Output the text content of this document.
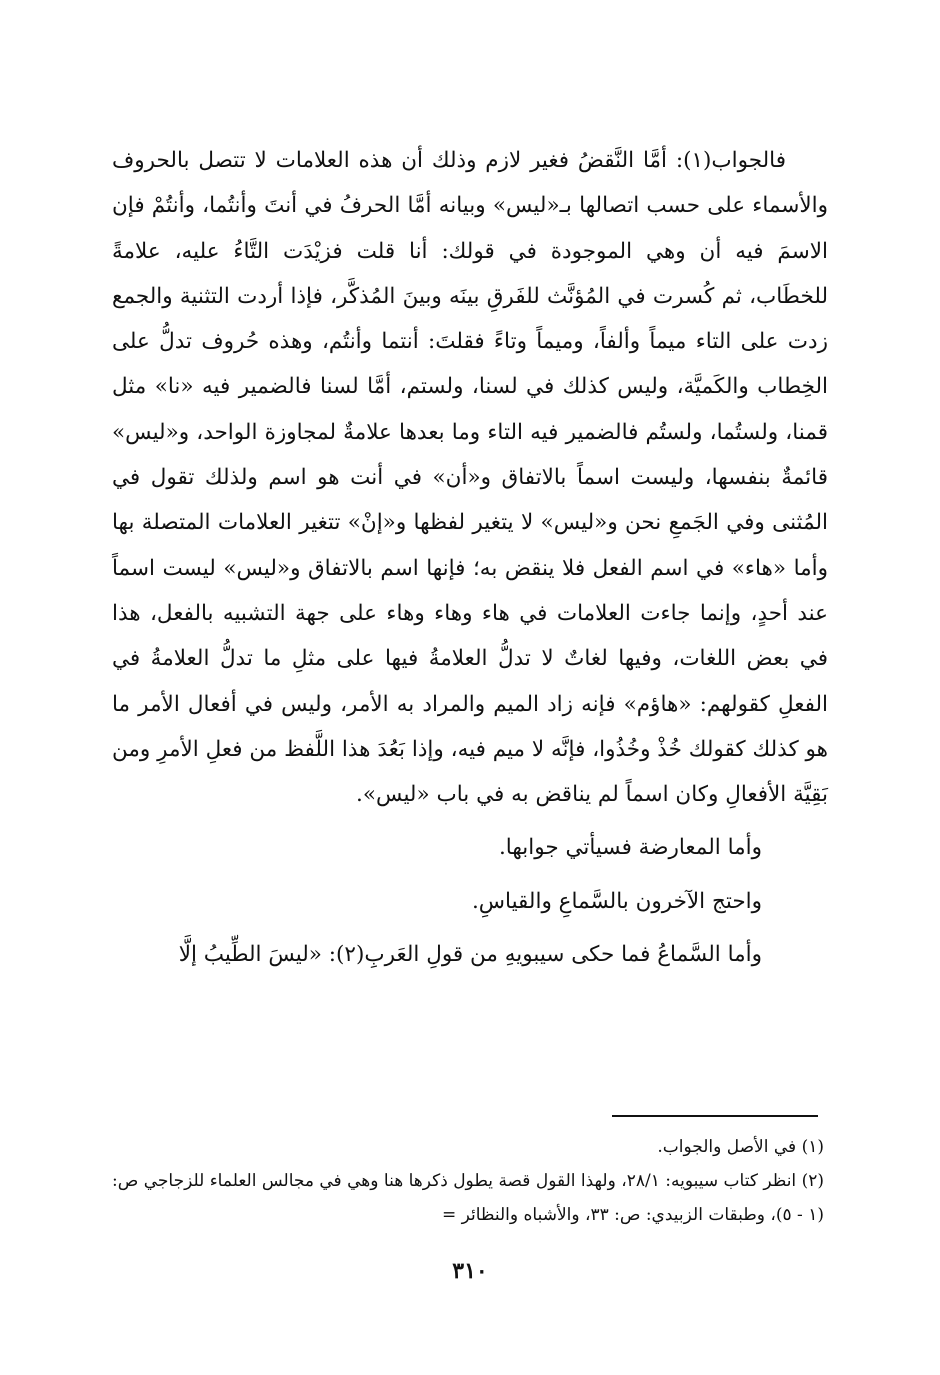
فالجواب(١): أمَّا النَّقضُ فغير لازم وذلك أن هذه العلامات لا تتصل بالحروف والأسماء على حسب اتصالها بـ«ليس» وبيانه أمَّا الحرفُ في أنتَ وأنتُما، وأنتُمْ فإن الاسمَ فيه أن وهي الموجودة في قولك: أنا قلت فزيْدَت التَّاءُ عليه، علامةً للخطَاب، ثم كُسرت في المُؤنَّث للفَرقِ بينَه وبينَ المُذكَّر، فإذا أردت التثنية والجمع زدت على التاء ميماً وألفاً، وميماً وتاءً فقلتَ: أنتما وأنتُم، وهذه حُروف تدلُّ على الخِطاب والكَميَّة، وليس كذلك في لسنا، ولستم، أمَّا لسنا فالضمير فيه «نا» مثل قمنا، ولستُما، ولستُم فالضمير فيه التاء وما بعدها علامةٌ لمجاوزة الواحد، و«ليس» قائمةٌ بنفسها، وليست اسماً بالاتفاق و«أن» في أنت هو اسم ولذلك تقول في المُثنى وفي الجَمعِ نحن و«ليس» لا يتغير لفظها و«إنْ» تتغير العلامات المتصلة بها وأما «هاء» في اسم الفعل فلا ينقض به؛ فإنها اسم بالاتفاق و«ليس» ليست اسماً عند أحدٍ، وإنما جاءت العلامات في هاء وهاء وهاء على جهة التشبيه بالفعل، هذا في بعض اللغات، وفيها لغاتٌ لا تدلُّ العلامةُ فيها على مثلِ ما تدلُّ العلامةُ في الفعلِ كقولهم: «هاؤم» فإنه زاد الميم والمراد به الأمر، وليس في أفعال الأمر ما هو كذلك كقولك خُذْ وخُذُوا، فإنَّه لا ميم فيه، وإذا بَعُدَ هذا اللَّفظ من فعلِ الأمرِ ومن بَقِيَّة الأفعالِ وكان اسماً لم يناقض به في باب «ليس».

وأما المعارضة فسيأتي جوابها.

واحتج الآخرون بالسَّماعِ والقياسِ.

وأما السَّماعُ فما حكى سيبويهِ من قولِ العَربِ(٢): «ليسَ الطِّيبُ إلَّا

(١) في الأصل والجواب.

(٢) انظر كتاب سيبويه: ٢٨/١، ولهذا القول قصة يطول ذكرها هنا وهي في مجالس العلماء للزجاجي ص: (١ - ٥)، وطبقات الزبيدي: ص: ٣٣، والأشباه والنظائر =

٣١٠
